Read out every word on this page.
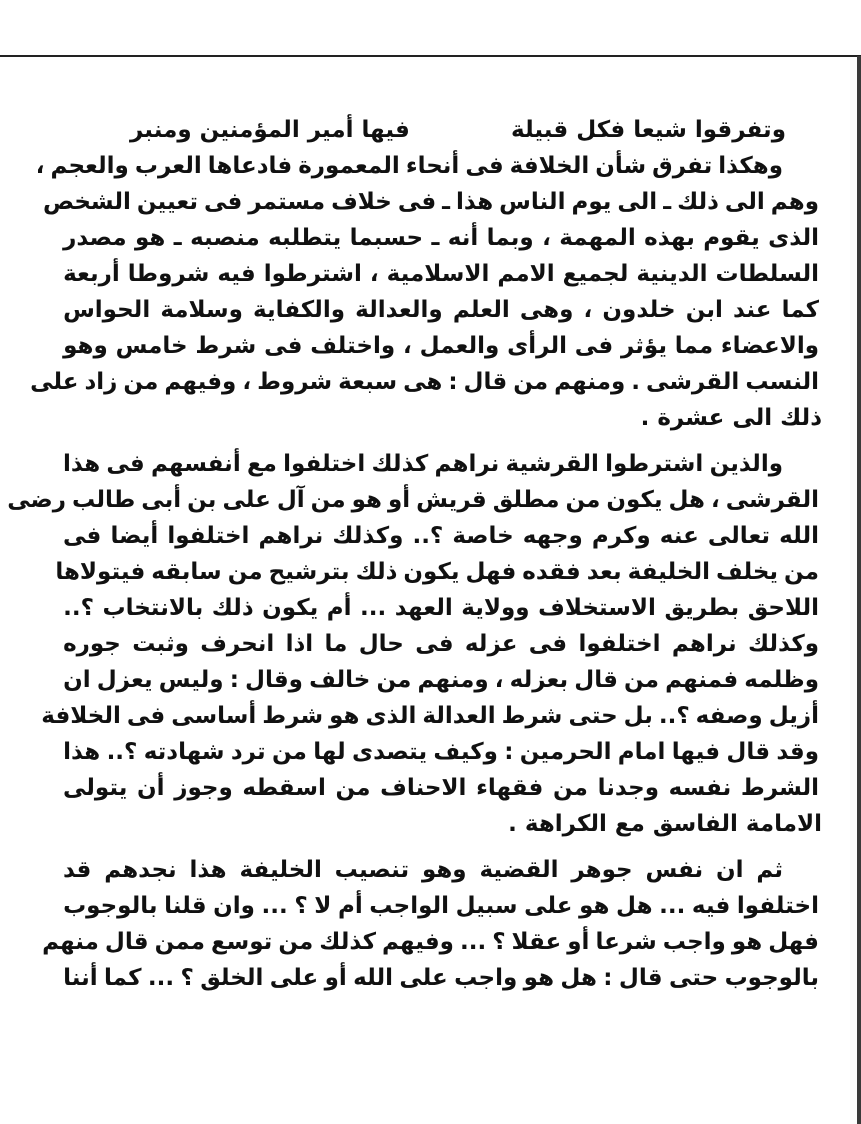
وتفرقوا شيعا فكل قبيلة
فيها أمير المؤمنين ومنبر
وهكذا
تفرق
شأن
الخلافة
فى
أنحاء
المعمورة
فادعاها
العرب
والعجم
،
وهم
الى
ذلك
ـ
الى
يوم
الناس
هذا
ـ
فى
خلاف
مستمر
فى
تعيين
الشخص
الذى
يقوم
بهذه
المهمة
،
وبما
أنه
ـ
حسبما
يتطلبه
منصبه
ـ
هو
مصدر
السلطات
الدينية
لجميع
الامم
الاسلامية
،
اشترطوا
فيه
شروطا
أربعة
كما
عند
ابن
خلدون
،
وهى
العلم
والعدالة
والكفاية
وسلامة
الحواس
والاعضاء
مما
يؤثر
فى
الرأى
والعمل
،
واختلف
فى
شرط
خامس
وهو
النسب
القرشى
.
ومنهم
من
قال
:
هى
سبعة
شروط
،
وفيهم
من
زاد
على
ذلك الى عشرة .
والذين
اشترطوا
القرشية
نراهم
كذلك
اختلفوا
مع
أنفسهم
فى
هذا
القرشى
،
هل
يكون
من
مطلق
قريش
أو
هو
من
آل
على
بن
أبى
طالب
رضى
الله
تعالى
عنه
وكرم
وجهه
خاصة
؟..
وكذلك
نراهم
اختلفوا
أيضا
فى
من
يخلف
الخليفة
بعد
فقده
فهل
يكون
ذلك
بترشيح
من
سابقه
فيتولاها
اللاحق
بطريق
الاستخلاف
وولاية
العهد
...
أم
يكون
ذلك
بالانتخاب
؟..
وكذلك
نراهم
اختلفوا
فى
عزله
فى
حال
ما
اذا
انحرف
وثبت
جوره
وظلمه
فمنهم
من
قال
بعزله
،
ومنهم
من
خالف
وقال
:
وليس
يعزل
ان
أزيل
وصفه
؟..
بل
حتى
شرط
العدالة
الذى
هو
شرط
أساسى
فى
الخلافة
وقد
قال
فيها
امام
الحرمين
:
وكيف
يتصدى
لها
من
ترد
شهادته
؟..
هذا
الشرط
نفسه
وجدنا
من
فقهاء
الاحناف
من
اسقطه
وجوز
أن
يتولى
الامامة الفاسق مع الكراهة .
ثم
ان
نفس
جوهر
القضية
وهو
تنصيب
الخليفة
هذا
نجدهم
قد
اختلفوا
فيه
...
هل
هو
على
سبيل
الواجب
أم
لا
؟
...
وان
قلنا
بالوجوب
فهل
هو
واجب
شرعا
أو
عقلا
؟
...
وفيهم
كذلك
من
توسع
ممن
قال
منهم
بالوجوب
حتى
قال
:
هل
هو
واجب
على
الله
أو
على
الخلق
؟
...
كما
أننا
